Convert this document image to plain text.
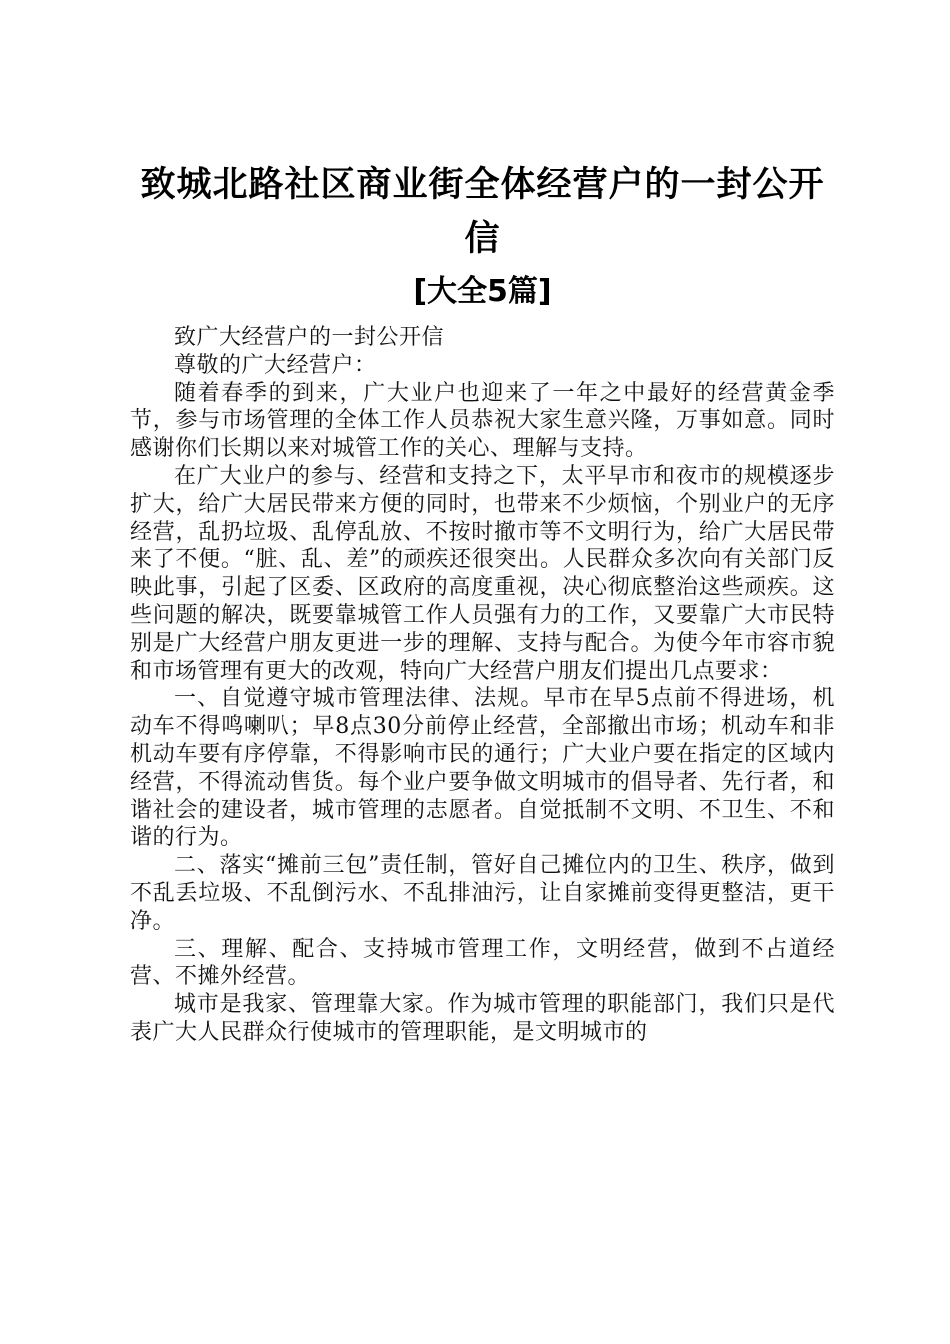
致城北路社区商业街全体经营户的一封公开信
[大全5篇]

致广大经营户的一封公开信

尊敬的广大经营户：

随着春季的到来，广大业户也迎来了一年之中最好的经营黄金季节，参与市场管理的全体工作人员恭祝大家生意兴隆，万事如意。同时感谢你们长期以来对城管工作的关心、理解与支持。

在广大业户的参与、经营和支持之下，太平早市和夜市的规模逐步扩大，给广大居民带来方便的同时，也带来不少烦恼，个别业户的无序经营，乱扔垃圾、乱停乱放、不按时撤市等不文明行为，给广大居民带来了不便。“脏、乱、差”的顽疾还很突出。人民群众多次向有关部门反映此事，引起了区委、区政府的高度重视，决心彻底整治这些顽疾。这些问题的解决，既要靠城管工作人员强有力的工作，又要靠广大市民特别是广大经营户朋友更进一步的理解、支持与配合。为使今年市容市貌和市场管理有更大的改观，特向广大经营户朋友们提出几点要求：

一、自觉遵守城市管理法律、法规。早市在早5点前不得进场，机动车不得鸣喇叭；早8点30分前停止经营，全部撤出市场；机动车和非机动车要有序停靠，不得影响市民的通行；广大业户要在指定的区域内经营，不得流动售货。每个业户要争做文明城市的倡导者、先行者，和谐社会的建设者，城市管理的志愿者。自觉抵制不文明、不卫生、不和谐的行为。

二、落实“摊前三包”责任制，管好自己摊位内的卫生、秩序，做到不乱丢垃圾、不乱倒污水、不乱排油污，让自家摊前变得更整洁，更干净。

三、理解、配合、支持城市管理工作，文明经营，做到不占道经营、不摊外经营。

城市是我家、管理靠大家。作为城市管理的职能部门，我们只是代表广大人民群众行使城市的管理职能，是文明城市的
